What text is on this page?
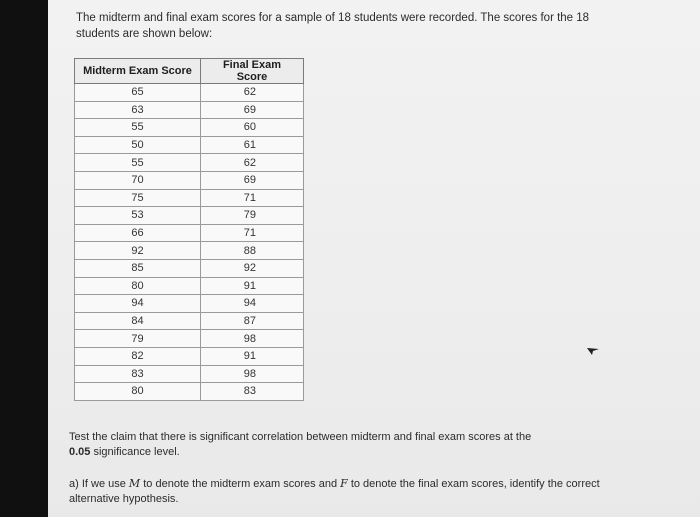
The midterm and final exam scores for a sample of 18 students were recorded. The scores for the 18 students are shown below:
Midterm Exam Score	Final Exam Score
65	62
63	69
55	60
50	61
55	62
70	69
75	71
53	79
66	71
92	88
85	92
80	91
94	94
84	87
79	98
82	91
83	98
80	83
Test the claim that there is significant correlation between midterm and final exam scores at the
0.05 significance level.
a) If we use M to denote the midterm exam scores and F to denote the final exam scores, identify the correct alternative hypothesis.
